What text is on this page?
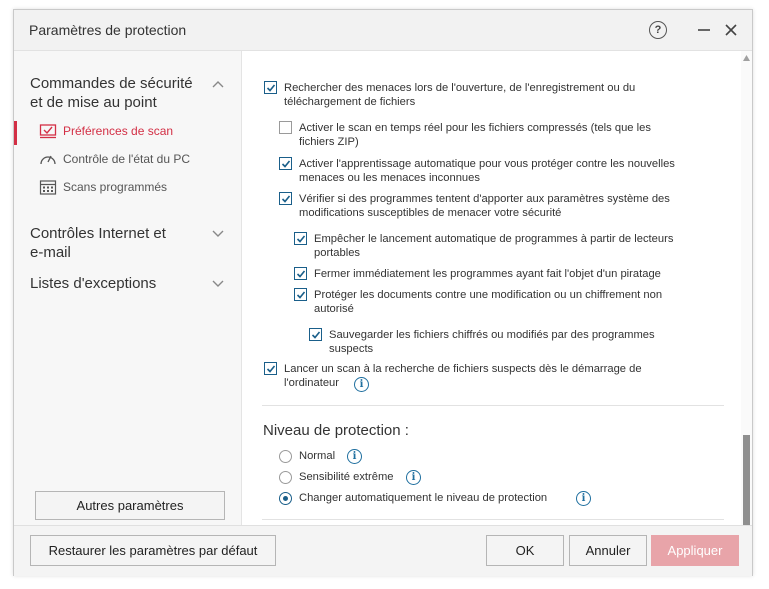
Paramètres de protection	?
Commandes de sécurité
et de mise au point
Préférences de scan
Contrôle de l'état du PC
Scans programmés
Contrôles Internet et
e-mail
Listes d'exceptions
Autres paramètres
Rechercher des menaces lors de l'ouverture, de l'enregistrement ou du
téléchargement de fichiers
Activer le scan en temps réel pour les fichiers compressés (tels que les
fichiers ZIP)
Activer l'apprentissage automatique pour vous protéger contre les nouvelles
menaces ou les menaces inconnues
Vérifier si des programmes tentent d'apporter aux paramètres système des
modifications susceptibles de menacer votre sécurité
Empêcher le lancement automatique de programmes à partir de lecteurs
portables
Fermer immédiatement les programmes ayant fait l'objet d'un piratage
Protéger les documents contre une modification ou un chiffrement non
autorisé
Sauvegarder les fichiers chiffrés ou modifiés par des programmes
suspects
Lancer un scan à la recherche de fichiers suspects dès le démarrage de
l'ordinateur	i
Niveau de protection :
Normal	i
Sensibilité extrême	i
Changer automatiquement le niveau de protection	i
Restaurer les paramètres par défaut	OK	Annuler	Appliquer
